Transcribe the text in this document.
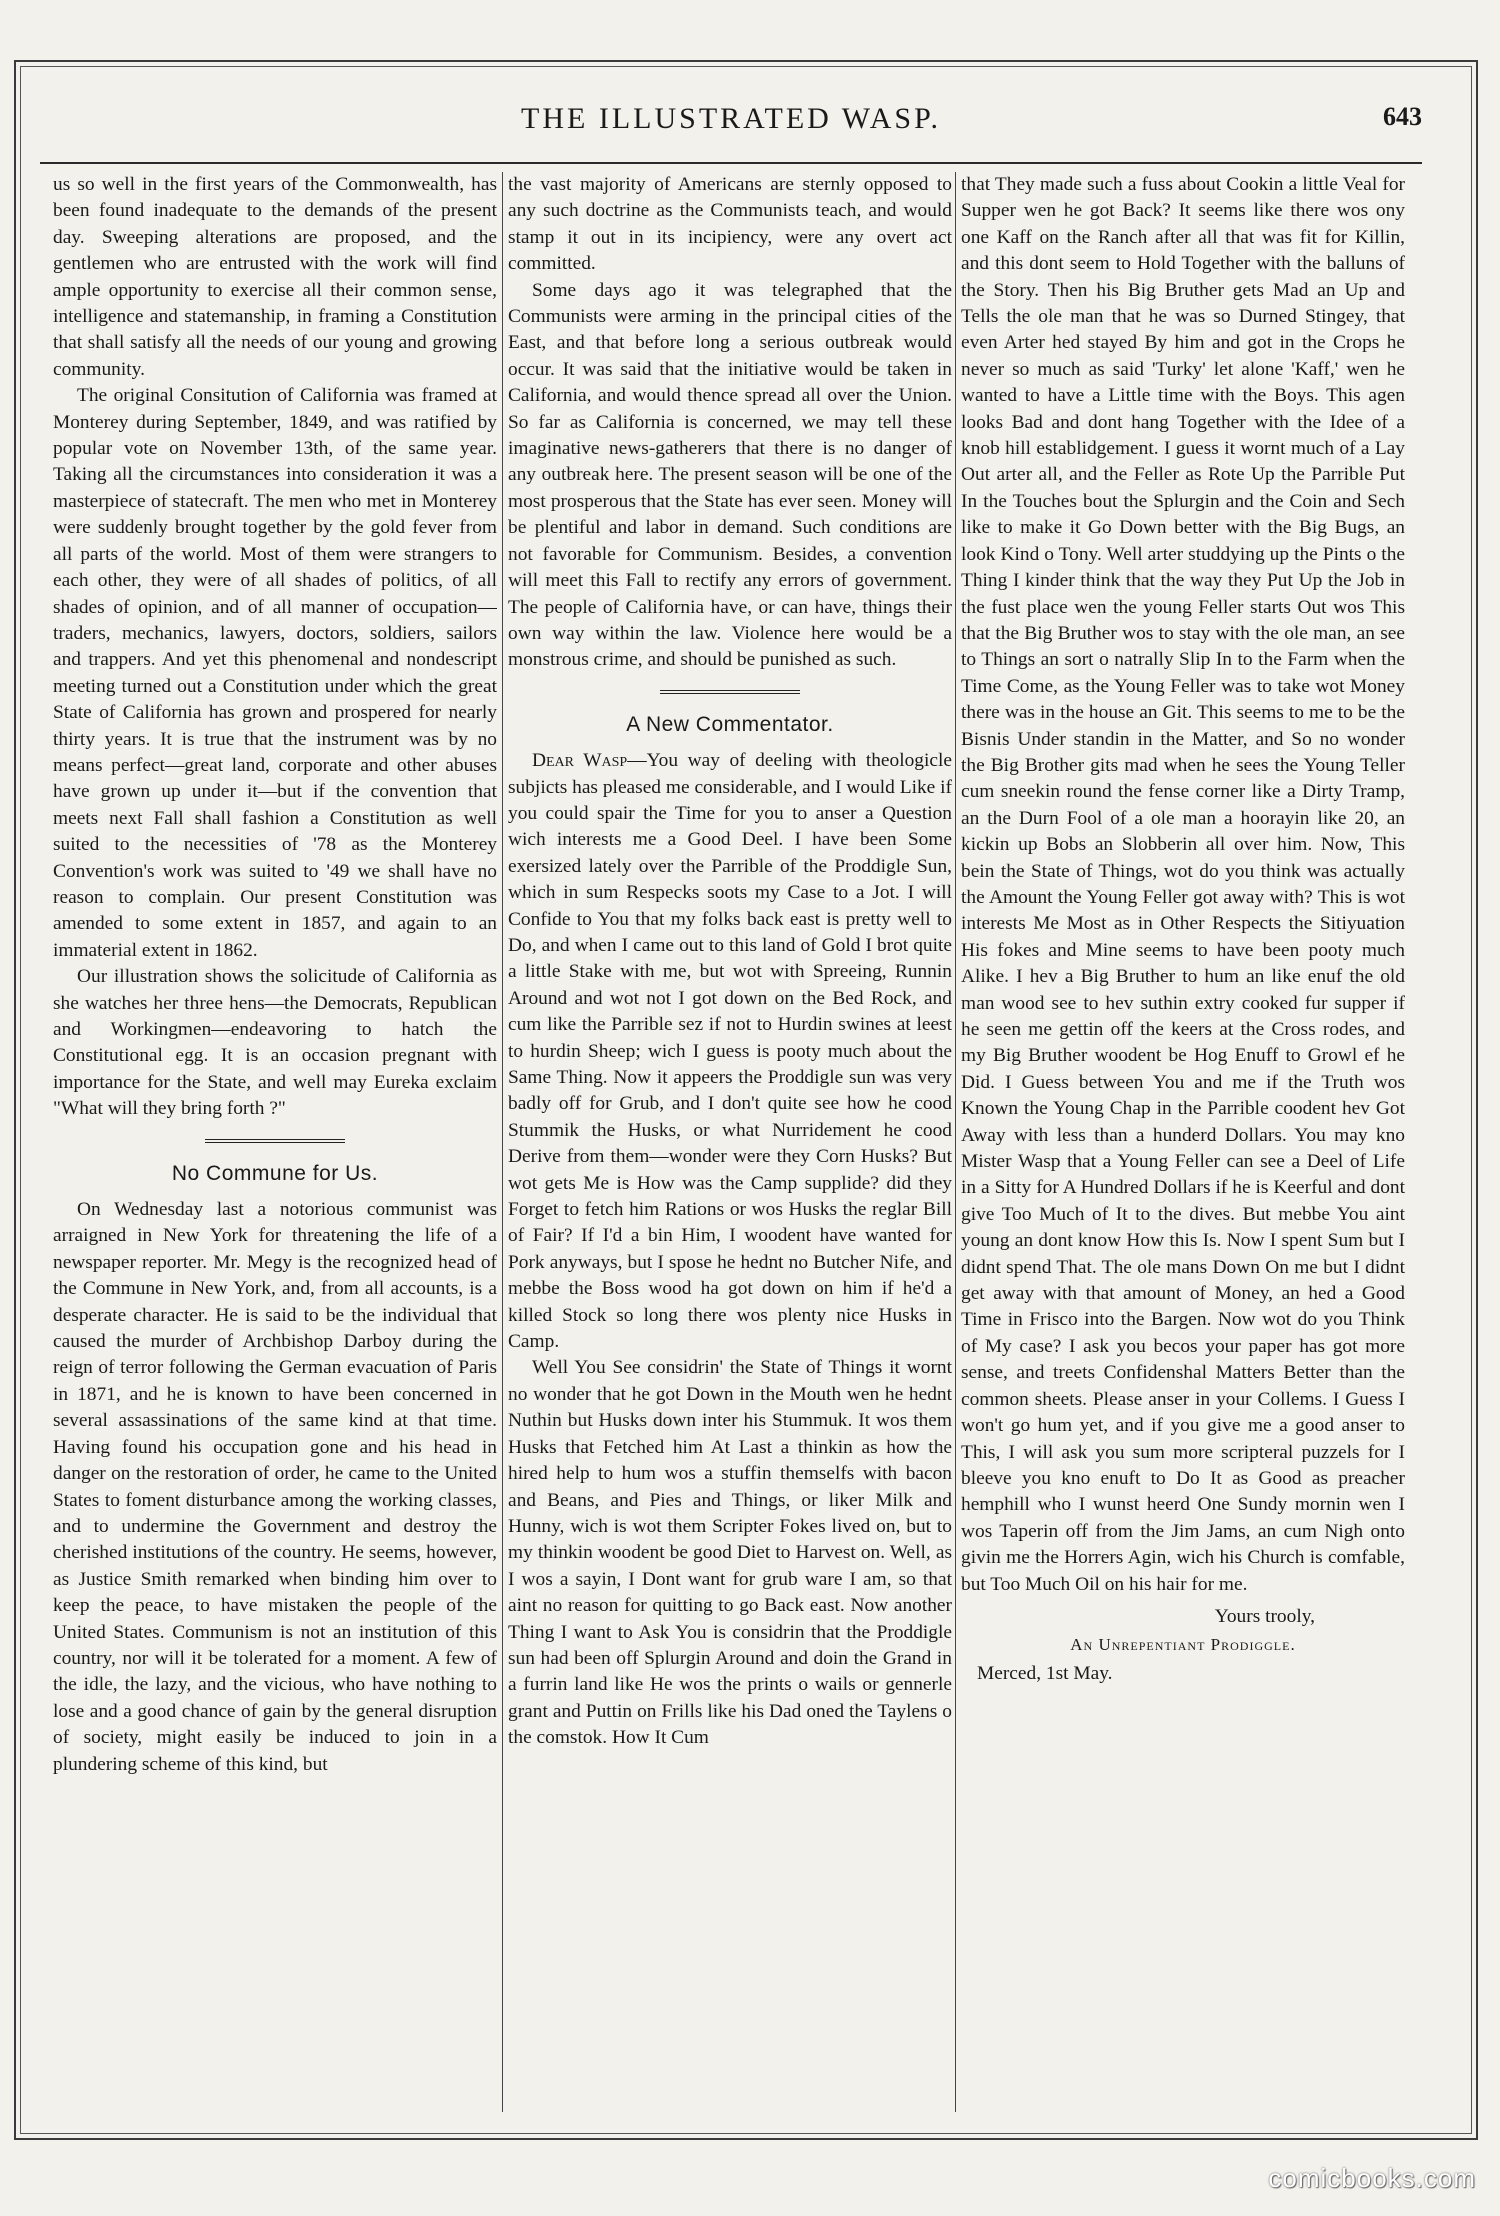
THE ILLUSTRATED WASP.	643

us so well in the first years of the Commonwealth, has been found inadequate to the demands of the present day. Sweeping alterations are proposed, and the gentlemen who are entrusted with the work will find ample opportunity to exercise all their common sense, intelligence and statemanship, in framing a Constitution that shall satisfy all the needs of our young and growing community.

The original Consitution of California was framed at Monterey during September, 1849, and was ratified by popular vote on November 13th, of the same year. Taking all the circumstances into consideration it was a masterpiece of statecraft. The men who met in Monterey were suddenly brought together by the gold fever from all parts of the world. Most of them were strangers to each other, they were of all shades of politics, of all shades of opinion, and of all manner of occupation—traders, mechanics, lawyers, doctors, soldiers, sailors and trappers. And yet this phenomenal and nondescript meeting turned out a Constitution under which the great State of California has grown and prospered for nearly thirty years. It is true that the instrument was by no means perfect—great land, corporate and other abuses have grown up under it—but if the convention that meets next Fall shall fashion a Constitution as well suited to the necessities of '78 as the Monterey Convention's work was suited to '49 we shall have no reason to complain. Our present Constitution was amended to some extent in 1857, and again to an immaterial extent in 1862.

Our illustration shows the solicitude of California as she watches her three hens—the Democrats, Republican and Workingmen—endeavoring to hatch the Constitutional egg. It is an occasion pregnant with importance for the State, and well may Eureka exclaim "What will they bring forth ?"

No Commune for Us.

On Wednesday last a notorious communist was arraigned in New York for threatening the life of a newspaper reporter. Mr. Megy is the recognized head of the Commune in New York, and, from all accounts, is a desperate character. He is said to be the individual that caused the murder of Archbishop Darboy during the reign of terror following the German evacuation of Paris in 1871, and he is known to have been concerned in several assassinations of the same kind at that time. Having found his occupation gone and his head in danger on the restoration of order, he came to the United States to foment disturbance among the working classes, and to undermine the Government and destroy the cherished institutions of the country. He seems, however, as Justice Smith remarked when binding him over to keep the peace, to have mistaken the people of the United States. Communism is not an institution of this country, nor will it be tolerated for a moment. A few of the idle, the lazy, and the vicious, who have nothing to lose and a good chance of gain by the general disruption of society, might easily be induced to join in a plundering scheme of this kind, but

the vast majority of Americans are sternly opposed to any such doctrine as the Communists teach, and would stamp it out in its incipiency, were any overt act committed.

Some days ago it was telegraphed that the Communists were arming in the principal cities of the East, and that before long a serious outbreak would occur. It was said that the initiative would be taken in California, and would thence spread all over the Union. So far as California is concerned, we may tell these imaginative news-gatherers that there is no danger of any outbreak here. The present season will be one of the most prosperous that the State has ever seen. Money will be plentiful and labor in demand. Such conditions are not favorable for Communism. Besides, a convention will meet this Fall to rectify any errors of government. The people of California have, or can have, things their own way within the law. Violence here would be a monstrous crime, and should be punished as such.

A New Commentator.

Dear Wasp—You way of deeling with theologicle subjicts has pleased me considerable, and I would Like if you could spair the Time for you to anser a Question wich interests me a Good Deel. I have been Some exersized lately over the Parrible of the Proddigle Sun, which in sum Respecks soots my Case to a Jot. I will Confide to You that my folks back east is pretty well to Do, and when I came out to this land of Gold I brot quite a little Stake with me, but wot with Spreeing, Runnin Around and wot not I got down on the Bed Rock, and cum like the Parrible sez if not to Hurdin swines at leest to hurdin Sheep; wich I guess is pooty much about the Same Thing. Now it appeers the Proddigle sun was very badly off for Grub, and I don't quite see how he cood Stummik the Husks, or what Nurridement he cood Derive from them—wonder were they Corn Husks? But wot gets Me is How was the Camp supplide? did they Forget to fetch him Rations or wos Husks the reglar Bill of Fair? If I'd a bin Him, I woodent have wanted for Pork anyways, but I spose he hednt no Butcher Nife, and mebbe the Boss wood ha got down on him if he'd a killed Stock so long there wos plenty nice Husks in Camp.

Well You See considrin' the State of Things it wornt no wonder that he got Down in the Mouth wen he hednt Nuthin but Husks down inter his Stummuk. It wos them Husks that Fetched him At Last a thinkin as how the hired help to hum wos a stuffin themselfs with bacon and Beans, and Pies and Things, or liker Milk and Hunny, wich is wot them Scripter Fokes lived on, but to my thinkin woodent be good Diet to Harvest on. Well, as I wos a sayin, I Dont want for grub ware I am, so that aint no reason for quitting to go Back east. Now another Thing I want to Ask You is considrin that the Proddigle sun had been off Splurgin Around and doin the Grand in a furrin land like He wos the prints o wails or gennerle grant and Puttin on Frills like his Dad oned the Taylens o the comstok. How It Cum

that They made such a fuss about Cookin a little Veal for Supper wen he got Back? It seems like there wos ony one Kaff on the Ranch after all that was fit for Killin, and this dont seem to Hold Together with the balluns of the Story. Then his Big Bruther gets Mad an Up and Tells the ole man that he was so Durned Stingey, that even Arter hed stayed By him and got in the Crops he never so much as said 'Turky' let alone 'Kaff,' wen he wanted to have a Little time with the Boys. This agen looks Bad and dont hang Together with the Idee of a knob hill establidgement. I guess it wornt much of a Lay Out arter all, and the Feller as Rote Up the Parrible Put In the Touches bout the Splurgin and the Coin and Sech like to make it Go Down better with the Big Bugs, an look Kind o Tony. Well arter studdying up the Pints o the Thing I kinder think that the way they Put Up the Job in the fust place wen the young Feller starts Out wos This that the Big Bruther wos to stay with the ole man, an see to Things an sort o natrally Slip In to the Farm when the Time Come, as the Young Feller was to take wot Money there was in the house an Git. This seems to me to be the Bisnis Under standin in the Matter, and So no wonder the Big Brother gits mad when he sees the Young Teller cum sneekin round the fense corner like a Dirty Tramp, an the Durn Fool of a ole man a hoorayin like 20, an kickin up Bobs an Slobberin all over him. Now, This bein the State of Things, wot do you think was actually the Amount the Young Feller got away with? This is wot interests Me Most as in Other Respects the Sitiyuation His fokes and Mine seems to have been pooty much Alike. I hev a Big Bruther to hum an like enuf the old man wood see to hev suthin extry cooked fur supper if he seen me gettin off the keers at the Cross rodes, and my Big Bruther woodent be Hog Enuff to Growl ef he Did. I Guess between You and me if the Truth wos Known the Young Chap in the Parrible coodent hev Got Away with less than a hunderd Dollars. You may kno Mister Wasp that a Young Feller can see a Deel of Life in a Sitty for A Hundred Dollars if he is Keerful and dont give Too Much of It to the dives. But mebbe You aint young an dont know How this Is. Now I spent Sum but I didnt spend That. The ole mans Down On me but I didnt get away with that amount of Money, an hed a Good Time in Frisco into the Bargen. Now wot do you Think of My case? I ask you becos your paper has got more sense, and treets Confidenshal Matters Better than the common sheets. Please anser in your Collems. I Guess I won't go hum yet, and if you give me a good anser to This, I will ask you sum more scripteral puzzels for I bleeve you kno enuft to Do It as Good as preacher hemphill who I wunst heerd One Sundy mornin wen I wos Taperin off from the Jim Jams, an cum Nigh onto givin me the Horrers Agin, wich his Church is comfable, but Too Much Oil on his hair for me.

Yours trooly,

An Unrepentiant Prodiggle.

Merced, 1st May.

comicbooks.com
